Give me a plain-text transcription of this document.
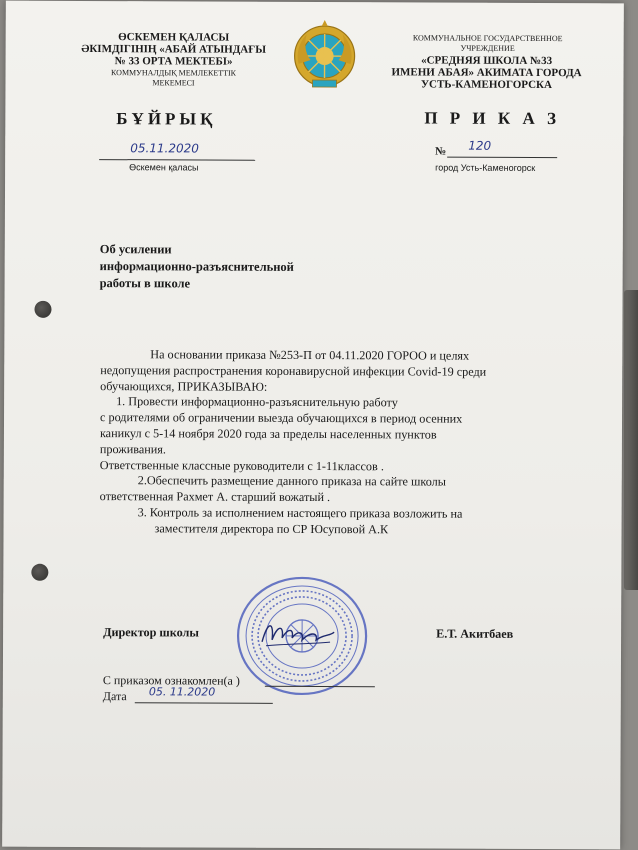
ӨСКЕМЕН ҚАЛАСЫ
ӘКІМДІГІНІҢ «АБАЙ АТЫНДАҒЫ
№ 33 ОРТА МЕКТЕБІ»
КОММУНАЛДЫҚ МЕМЛЕКЕТТІК
МЕКЕМЕСІ
КОММУНАЛЬНОЕ ГОСУДАРСТВЕННОЕ
УЧРЕЖДЕНИЕ
«СРЕДНЯЯ ШКОЛА №33
ИМЕНИ АБАЯ» АКИМАТА ГОРОДА
УСТЬ-КАМЕНОГОРСКА
БҰЙРЫҚ	П Р И К А З
05.11.2020
Өскемен қаласы
№ 120
город Усть-Каменогорск
Об усилении
информационно-разъяснительной
работы в школе

На основании приказа №253-П от 04.11.2020 ГОРОО и целях

недопущения распространения коронавирусной инфекции Covid-19 среди

обучающихся, ПРИКАЗЫВАЮ:

1. Провести информационно-разъяснительную работу

с родителями об ограничении выезда обучающихся в период осенних

каникул с 5-14 ноября 2020 года за пределы населенных пунктов

проживания.

Ответственные классные руководители с 1-11классов .

2.Обеспечить размещение данного приказа на сайте школы

ответственная Рахмет А. старший вожатый .

3. Контроль за исполнением настоящего приказа возложить на

заместителя директора по СР Юсуповой А.К

Директор школы	Е.Т. Акитбаев
С приказом ознакомлен(а )
Дата 05. 11.2020
